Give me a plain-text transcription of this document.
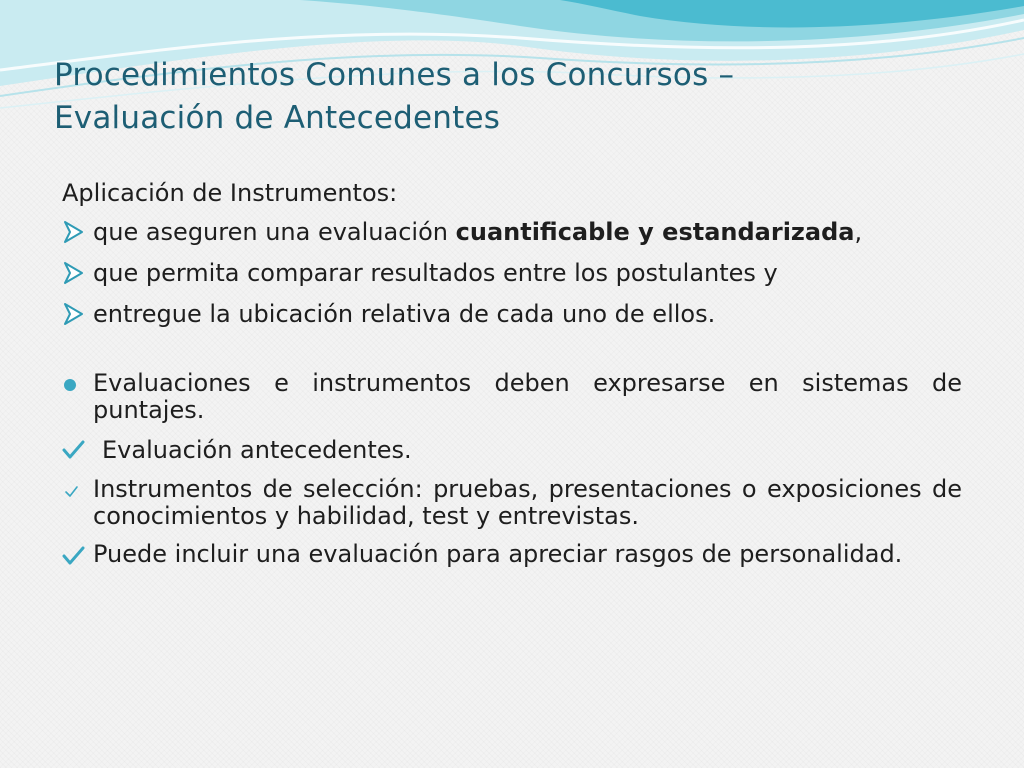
Procedimientos Comunes a los Concursos –
Evaluación de Antecedentes

Aplicación de Instrumentos:

que aseguren una evaluación cuantificable y estandarizada,
que permita comparar resultados entre los postulantes y
entregue la ubicación relativa de cada uno de ellos.
Evaluaciones e instrumentos deben expresarse en sistemas de puntajes.
Evaluación antecedentes.
Instrumentos de selección: pruebas, presentaciones o exposiciones de conocimientos y habilidad, test y entrevistas.
Puede incluir una evaluación para apreciar rasgos de personalidad.
